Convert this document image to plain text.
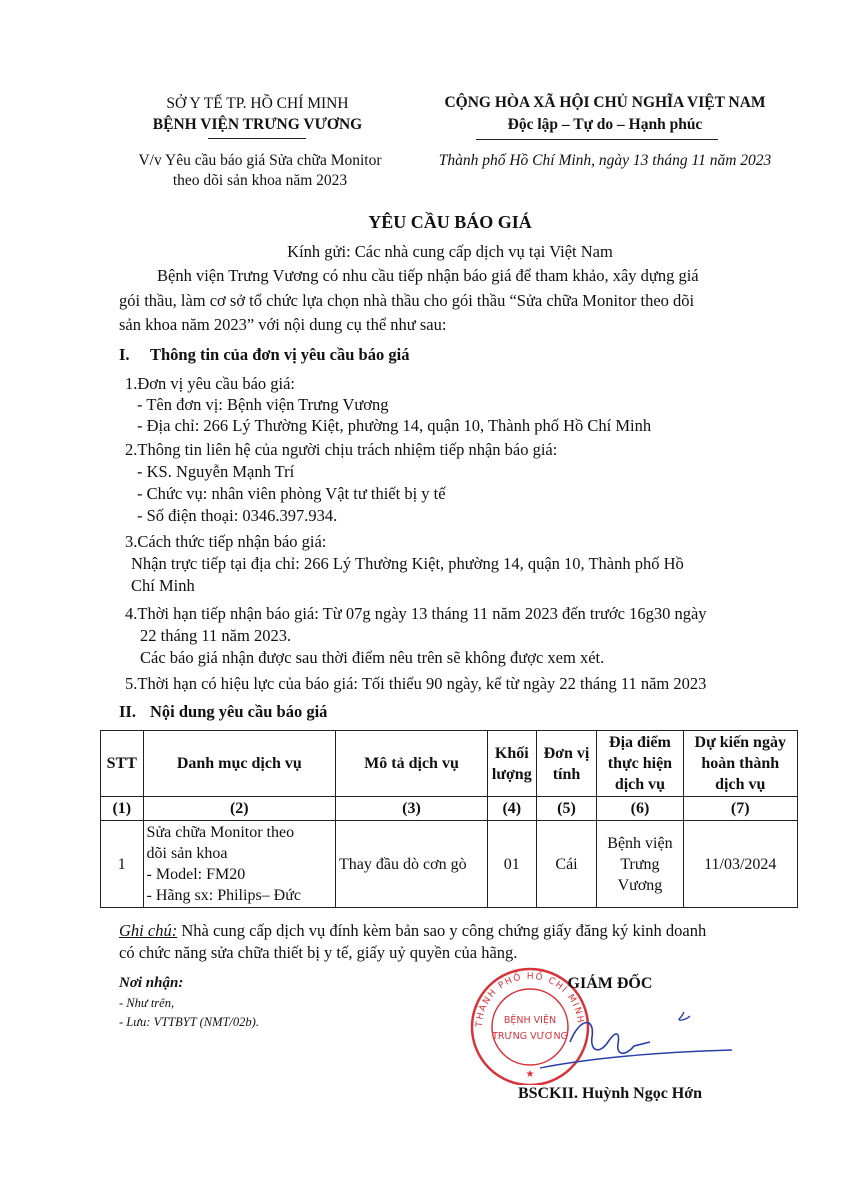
SỞ Y TẾ TP. HỒ CHÍ MINH
BỆNH VIỆN TRƯNG VƯƠNG
CỘNG HÒA XÃ HỘI CHỦ NGHĨA VIỆT NAM
Độc lập – Tự do – Hạnh phúc
V/v Yêu cầu báo giá Sửa chữa Monitor
theo dõi sản khoa năm 2023
Thành phố Hồ Chí Minh, ngày 13 tháng 11 năm 2023
YÊU CẦU BÁO GIÁ
Kính gửi: Các nhà cung cấp dịch vụ tại Việt Nam
Bệnh viện Trưng Vương có nhu cầu tiếp nhận báo giá để tham khảo, xây dựng giá
gói thầu, làm cơ sở tổ chức lựa chọn nhà thầu cho gói thầu “Sửa chữa Monitor theo dõi
sản khoa năm 2023” với nội dung cụ thể như sau:
I. Thông tin của đơn vị yêu cầu báo giá
1.Đơn vị yêu cầu báo giá:
- Tên đơn vị: Bệnh viện Trưng Vương
- Địa chỉ: 266 Lý Thường Kiệt, phường 14, quận 10, Thành phố Hồ Chí Minh
2.Thông tin liên hệ của người chịu trách nhiệm tiếp nhận báo giá:
- KS. Nguyễn Mạnh Trí
- Chức vụ: nhân viên phòng Vật tư thiết bị y tế
- Số điện thoại: 0346.397.934.
3.Cách thức tiếp nhận báo giá:
Nhận trực tiếp tại địa chỉ: 266 Lý Thường Kiệt, phường 14, quận 10, Thành phố Hồ
Chí Minh
4.Thời hạn tiếp nhận báo giá: Từ 07g ngày 13 tháng 11 năm 2023 đến trước 16g30 ngày
22 tháng 11 năm 2023.
Các báo giá nhận được sau thời điểm nêu trên sẽ không được xem xét.
5.Thời hạn có hiệu lực của báo giá: Tối thiểu 90 ngày, kể từ ngày 22 tháng 11 năm 2023
II. Nội dung yêu cầu báo giá
STT	Danh mục dịch vụ	Mô tả dịch vụ	Khối lượng	Đơn vị tính	Địa điểm thực hiện dịch vụ	Dự kiến ngày hoàn thành dịch vụ
(1)	(2)	(3)	(4)	(5)	(6)	(7)
1	Sửa chữa Monitor theo
dõi sản khoa
- Model: FM20
- Hãng sx: Philips– Đức	Thay đầu dò cơn gò	01	Cái	Bệnh viện Trưng Vương	11/03/2024
Ghi chú: Nhà cung cấp dịch vụ đính kèm bản sao y công chứng giấy đăng ký kinh doanh
có chức năng sửa chữa thiết bị y tế, giấy uỷ quyền của hãng.
Nơi nhận:
- Như trên,
- Lưu: VTTBYT (NMT/02b).	THÀNH PHỐ HỒ CHÍ MINH
BỆNH VIỆN
TRƯNG VƯƠNG
★
GIÁM ĐỐC
BSCKII. Huỳnh Ngọc Hớn
